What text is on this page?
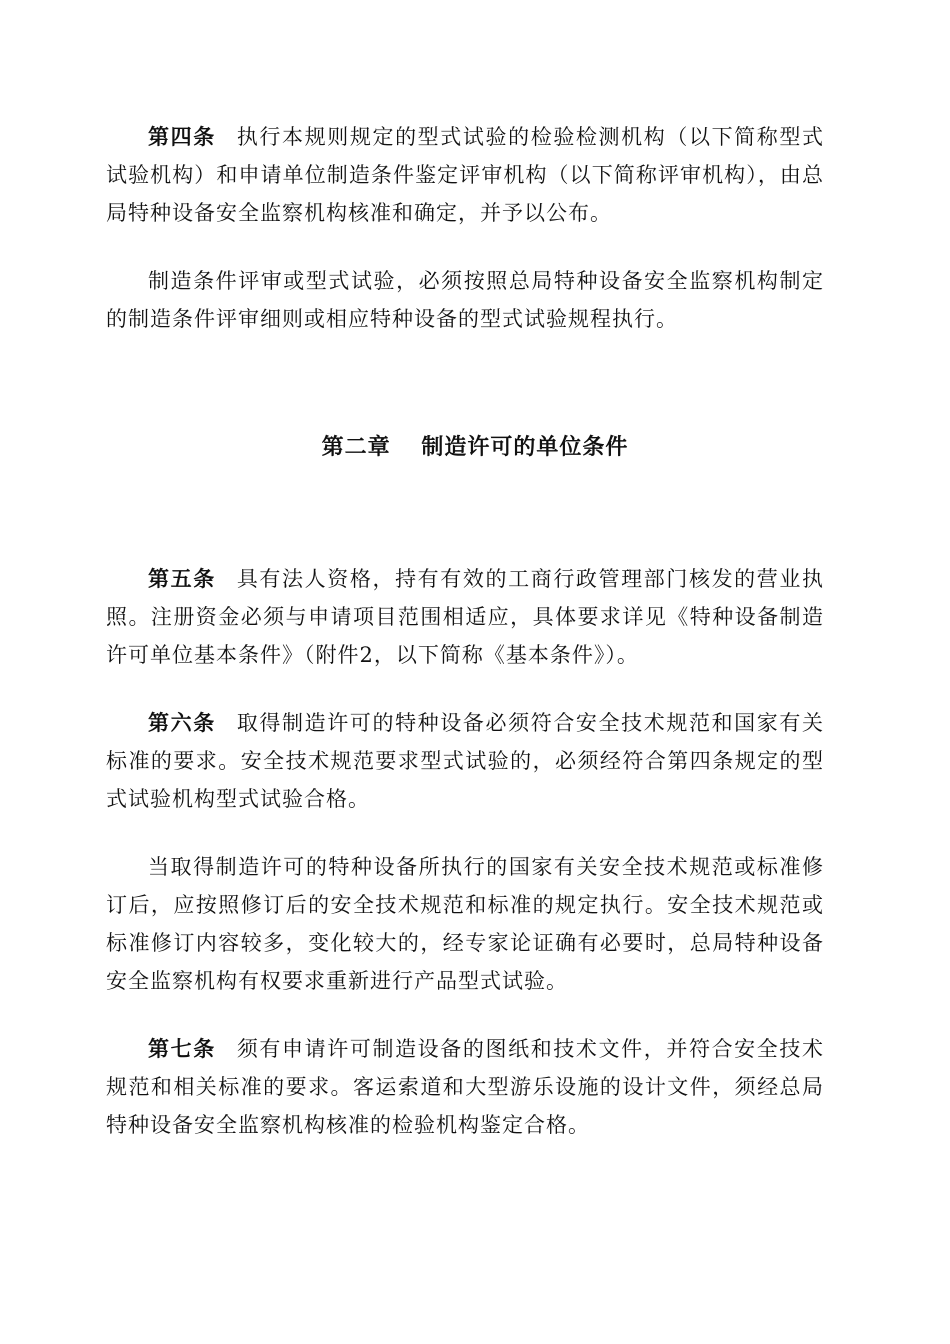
第四条 执行本规则规定的型式试验的检验检测机构（以下简称型式试验机构）和申请单位制造条件鉴定评审机构（以下简称评审机构），由总局特种设备安全监察机构核准和确定，并予以公布。

制造条件评审或型式试验，必须按照总局特种设备安全监察机构制定的制造条件评审细则或相应特种设备的型式试验规程执行。

第二章 制造许可的单位条件

第五条 具有法人资格，持有有效的工商行政管理部门核发的营业执照。注册资金必须与申请项目范围相适应，具体要求详见《特种设备制造许可单位基本条件》（附件2，以下简称《基本条件》）。

第六条 取得制造许可的特种设备必须符合安全技术规范和国家有关标准的要求。安全技术规范要求型式试验的，必须经符合第四条规定的型式试验机构型式试验合格。

当取得制造许可的特种设备所执行的国家有关安全技术规范或标准修订后，应按照修订后的安全技术规范和标准的规定执行。安全技术规范或标准修订内容较多，变化较大的，经专家论证确有必要时，总局特种设备安全监察机构有权要求重新进行产品型式试验。

第七条 须有申请许可制造设备的图纸和技术文件，并符合安全技术规范和相关标准的要求。客运索道和大型游乐设施的设计文件，须经总局特种设备安全监察机构核准的检验机构鉴定合格。
